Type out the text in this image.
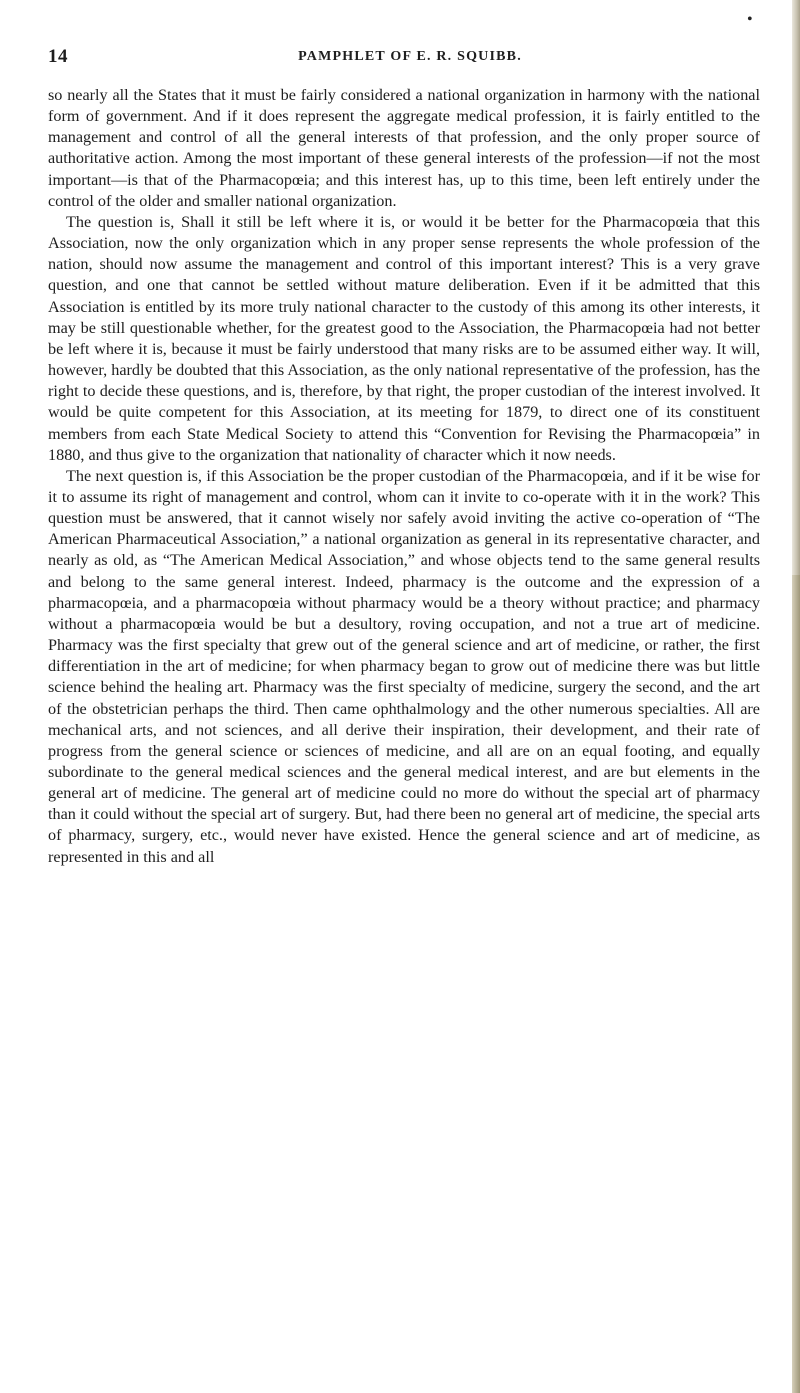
•
14	PAMPHLET OF E. R. SQUIBB.

so nearly all the States that it must be fairly considered a national organization in harmony with the national form of government. And if it does represent the aggregate medical profession, it is fairly entitled to the management and control of all the general interests of that profession, and the only proper source of authoritative action. Among the most important of these general interests of the profession—if not the most important—is that of the Pharmacopœia; and this interest has, up to this time, been left entirely under the control of the older and smaller national organization.

The question is, Shall it still be left where it is, or would it be better for the Pharmacopœia that this Association, now the only organization which in any proper sense represents the whole profession of the nation, should now assume the management and control of this important interest? This is a very grave question, and one that cannot be settled without mature deliberation. Even if it be admitted that this Association is entitled by its more truly national character to the custody of this among its other interests, it may be still questionable whether, for the greatest good to the Association, the Pharmacopœia had not better be left where it is, because it must be fairly understood that many risks are to be assumed either way. It will, however, hardly be doubted that this Association, as the only national representative of the profession, has the right to decide these questions, and is, therefore, by that right, the proper custodian of the interest involved. It would be quite competent for this Association, at its meeting for 1879, to direct one of its constituent members from each State Medical Society to attend this “Convention for Revising the Pharmacopœia” in 1880, and thus give to the organization that nationality of character which it now needs.

The next question is, if this Association be the proper custodian of the Pharmacopœia, and if it be wise for it to assume its right of management and control, whom can it invite to co-operate with it in the work? This question must be answered, that it cannot wisely nor safely avoid inviting the active co-operation of “The American Pharmaceutical Association,” a national organization as general in its representative character, and nearly as old, as “The American Medical Association,” and whose objects tend to the same general results and belong to the same general interest. Indeed, pharmacy is the outcome and the expression of a pharmacopœia, and a pharmacopœia without pharmacy would be a theory without practice; and pharmacy without a pharmacopœia would be but a desultory, roving occupation, and not a true art of medicine. Pharmacy was the first specialty that grew out of the general science and art of medicine, or rather, the first differentiation in the art of medicine; for when pharmacy began to grow out of medicine there was but little science behind the healing art. Pharmacy was the first specialty of medicine, surgery the second, and the art of the obstetrician perhaps the third. Then came ophthalmology and the other numerous specialties. All are mechanical arts, and not sciences, and all derive their inspiration, their development, and their rate of progress from the general science or sciences of medicine, and all are on an equal footing, and equally subordinate to the general medical sciences and the general medical interest, and are but elements in the general art of medicine. The general art of medicine could no more do without the special art of pharmacy than it could without the special art of surgery. But, had there been no general art of medicine, the special arts of pharmacy, surgery, etc., would never have existed. Hence the general science and art of medicine, as represented in this and all
